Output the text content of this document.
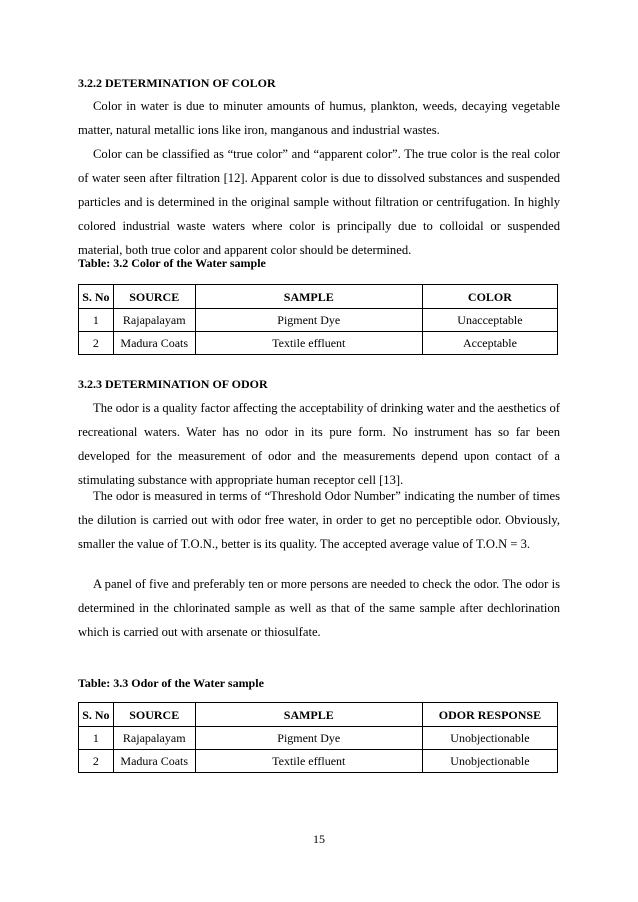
3.2.2 DETERMINATION OF COLOR

Color in water is due to minuter amounts of humus, plankton, weeds, decaying vegetable matter, natural metallic ions like iron, manganous and industrial wastes.

Color can be classified as “true color” and “apparent color”. The true color is the real color of water seen after filtration [12]. Apparent color is due to dissolved substances and suspended particles and is determined in the original sample without filtration or centrifugation. In highly colored industrial waste waters where color is principally due to colloidal or suspended material, both true color and apparent color should be determined.

Table: 3.2 Color of the Water sample
S. No	SOURCE	SAMPLE	COLOR
1	Rajapalayam	Pigment Dye	Unacceptable
2	Madura Coats	Textile effluent	Acceptable
3.2.3 DETERMINATION OF ODOR

The odor is a quality factor affecting the acceptability of drinking water and the aesthetics of recreational waters. Water has no odor in its pure form. No instrument has so far been developed for the measurement of odor and the measurements depend upon contact of a stimulating substance with appropriate human receptor cell [13].

The odor is measured in terms of “Threshold Odor Number” indicating the number of times the dilution is carried out with odor free water, in order to get no perceptible odor. Obviously, smaller the value of T.O.N., better is its quality. The accepted average value of T.O.N = 3.

A panel of five and preferably ten or more persons are needed to check the odor. The odor is determined in the chlorinated sample as well as that of the same sample after dechlorination which is carried out with arsenate or thiosulfate.

Table: 3.3 Odor of the Water sample
S. No	SOURCE	SAMPLE	ODOR RESPONSE
1	Rajapalayam	Pigment Dye	Unobjectionable
2	Madura Coats	Textile effluent	Unobjectionable
15
